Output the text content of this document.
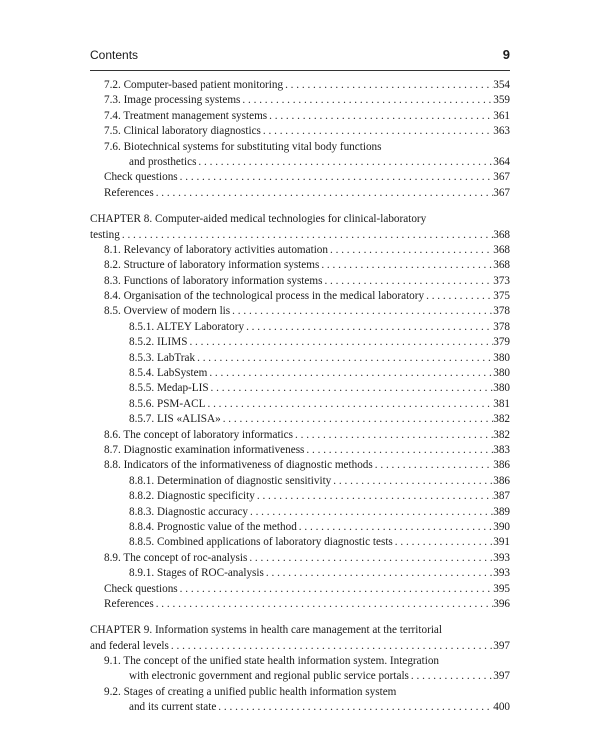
Contents	9
7.2. Computer-based patient monitoring . . .	354
7.3. Image processing systems . . .	359
7.4. Treatment management systems . . .	361
7.5. Clinical laboratory diagnostics . . .	363
7.6. Biotechnical systems for substituting vital body functions
and prosthetics . . .	364
Check questions . . .	367
References . . .	367
CHAPTER 8. Computer-aided medical technologies for clinical-laboratory
testing . . .	368
8.1. Relevancy of laboratory activities automation . . .	368
8.2. Structure of laboratory information systems . . .	368
8.3. Functions of laboratory information systems . . .	373
8.4. Organisation of the technological process in the medical laboratory . . .	375
8.5. Overview of modern lis . . .	378
8.5.1. ALTEY Laboratory . . .	378
8.5.2. ILIMS . . .	379
8.5.3. LabTrak . . .	380
8.5.4. LabSystem . . .	380
8.5.5. Medap-LIS . . .	380
8.5.6. PSM-ACL . . .	381
8.5.7. LIS «ALISA» . . .	382
8.6. The concept of laboratory informatics . . .	382
8.7. Diagnostic examination informativeness . . .	383
8.8. Indicators of the informativeness of diagnostic methods . . .	386
8.8.1. Determination of diagnostic sensitivity . . .	386
8.8.2. Diagnostic specificity . . .	387
8.8.3. Diagnostic accuracy . . .	389
8.8.4. Prognostic value of the method . . .	390
8.8.5. Combined applications of laboratory diagnostic tests . . .	391
8.9. The concept of roc-analysis . . .	393
8.9.1. Stages of ROC-analysis . . .	393
Check questions . . .	395
References . . .	396
CHAPTER 9. Information systems in health care management at the territorial
and federal levels . . .	397
9.1. The concept of the unified state health information system. Integration
with electronic government and regional public service portals . . .	397
9.2. Stages of creating a unified public health information system
and its current state . . .	400
